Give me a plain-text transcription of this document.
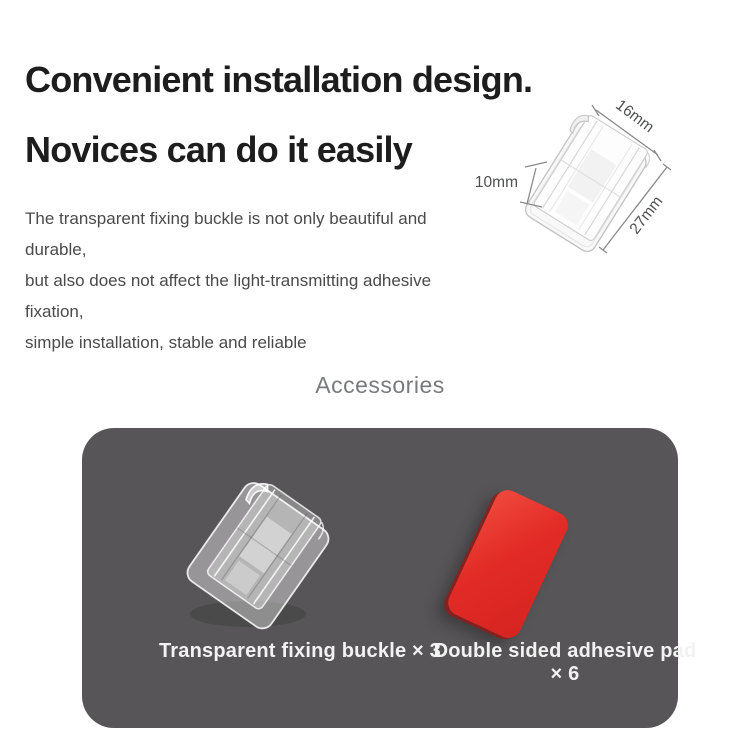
Convenient installation design.
Novices can do it easily
The transparent fixing buckle is not only beautiful and durable,
but also does not affect the light-transmitting adhesive fixation,
simple installation, stable and reliable
16mm
10mm
27mm
Accessories
Transparent fixing buckle × 3
Double sided adhesive pad × 6
